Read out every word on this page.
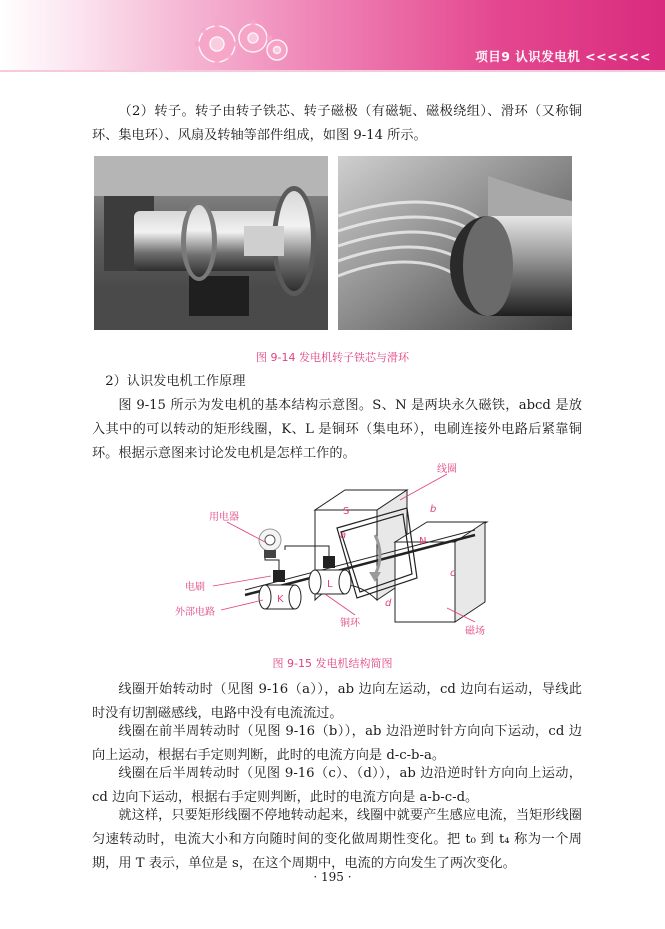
项目9 认识发电机 <<<<<<

（2）转子。转子由转子铁芯、转子磁极（有磁轭、磁极绕组）、滑环（又称铜环、集电环）、风扇及转轴等部件组成，如图 9-14 所示。

图 9-14 发电机转子铁芯与滑环

2）认识发电机工作原理

图 9-15 所示为发电机的基本结构示意图。S、N 是两块永久磁铁，abcd 是放入其中的可以转动的矩形线圈，K、L 是铜环（集电环），电刷连接外电路后紧靠铜环。根据示意图来讨论发电机是怎样工作的。

线圈
用电器
电刷
外部电路
铜环
磁场
S
N
K
L
a
b
c
d
图 9-15 发电机结构简图

线圈开始转动时（见图 9-16（a）），ab 边向左运动，cd 边向右运动，导线此时没有切割磁感线，电路中没有电流流过。

线圈在前半周转动时（见图 9-16（b）），ab 边沿逆时针方向向下运动，cd 边向上运动，根据右手定则判断，此时的电流方向是 d-c-b-a。

线圈在后半周转动时（见图 9-16（c）、（d）），ab 边沿逆时针方向向上运动，cd 边向下运动，根据右手定则判断，此时的电流方向是 a-b-c-d。

就这样，只要矩形线圈不停地转动起来，线圈中就要产生感应电流，当矩形线圈匀速转动时，电流大小和方向随时间的变化做周期性变化。把 t₀ 到 t₄ 称为一个周期，用 T 表示，单位是 s，在这个周期中，电流的方向发生了两次变化。

· 195 ·
